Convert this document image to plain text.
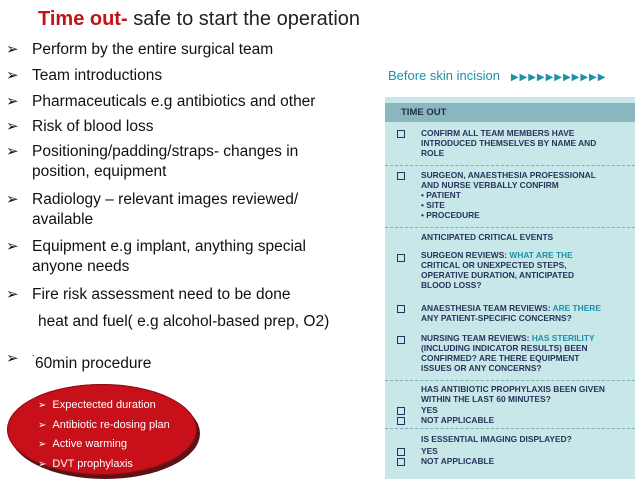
Time out- safe to start the operation
➢ Perform by the entire surgical team
➢ Team introductions
➢ Pharmaceuticals e.g antibiotics and other
➢ Risk of blood loss
➢ Positioning/padding/straps- changes in
position, equipment
➢ Radiology – relevant images reviewed/
available
➢ Equipment e.g implant, anything special
anyone needs
➢ Fire risk assessment need to be done
heat and fuel( e.g alcohol-based prep, O2)
➢ `60min procedure
➢ Expectected duration
➢ Antibiotic re-dosing plan
➢ Active warming
➢ DVT prophylaxis
Before skin incision ▶▶▶▶▶▶▶▶▶▶▶
TIME OUT
CONFIRM ALL TEAM MEMBERS HAVE
INTRODUCED THEMSELVES BY NAME AND
ROLE
SURGEON, ANAESTHESIA PROFESSIONAL
AND NURSE VERBALLY CONFIRM
• PATIENT
• SITE
• PROCEDURE
ANTICIPATED CRITICAL EVENTS
SURGEON REVIEWS: WHAT ARE THE
CRITICAL OR UNEXPECTED STEPS,
OPERATIVE DURATION, ANTICIPATED
BLOOD LOSS?
ANAESTHESIA TEAM REVIEWS: ARE THERE
ANY PATIENT-SPECIFIC CONCERNS?
NURSING TEAM REVIEWS: HAS STERILITY
(INCLUDING INDICATOR RESULTS) BEEN
CONFIRMED? ARE THERE EQUIPMENT
ISSUES OR ANY CONCERNS?
HAS ANTIBIOTIC PROPHYLAXIS BEEN GIVEN
WITHIN THE LAST 60 MINUTES?
YES
NOT APPLICABLE
IS ESSENTIAL IMAGING DISPLAYED?
YES
NOT APPLICABLE
